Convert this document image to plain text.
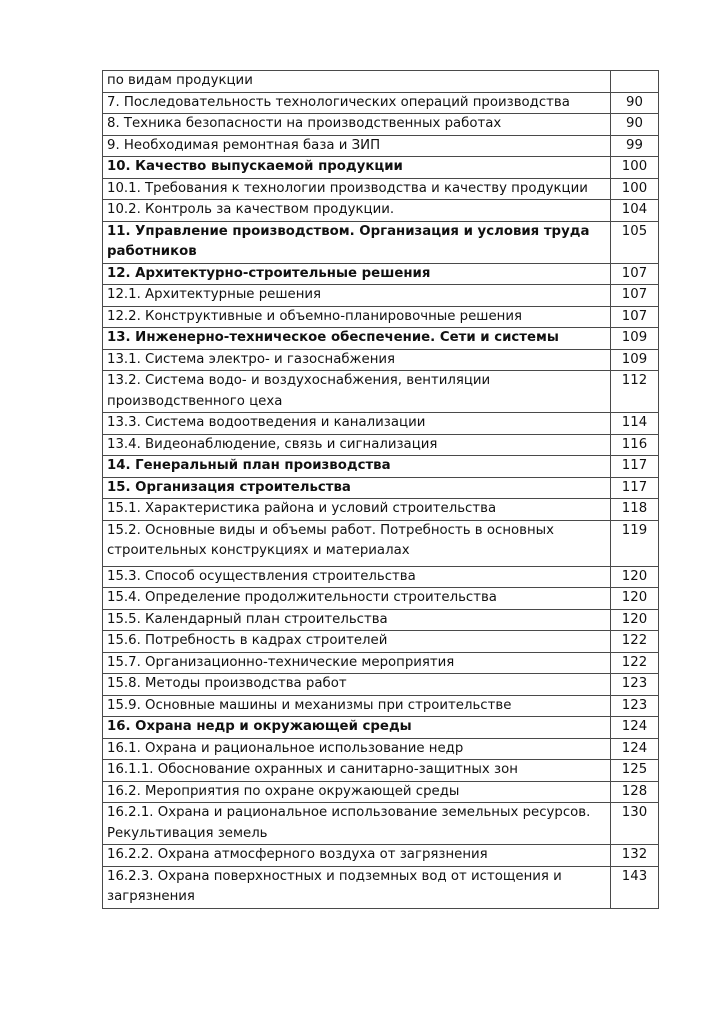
по видам продукции	
7. Последовательность технологических операций производства	90
8. Техника безопасности на производственных работах	90
9. Необходимая ремонтная база и ЗИП	99
10. Качество выпускаемой продукции	100
10.1. Требования к технологии производства и качеству продукции	100
10.2. Контроль за качеством продукции.	104
11. Управление производством. Организация и условия труда работников	105
12. Архитектурно-строительные решения	107
12.1. Архитектурные решения	107
12.2. Конструктивные и объемно-планировочные решения	107
13. Инженерно-техническое обеспечение. Сети и системы	109
13.1. Система электро- и газоснабжения	109
13.2. Система водо- и воздухоснабжения, вентиляции производственного цеха	112
13.3. Система водоотведения и канализации	114
13.4. Видеонаблюдение, связь и сигнализация	116
14. Генеральный план производства	117
15. Организация строительства	117
15.1. Характеристика района и условий строительства	118
15.2. Основные виды и объемы работ. Потребность в основных строительных конструкциях и материалах	119
15.3. Способ осуществления строительства	120
15.4. Определение продолжительности строительства	120
15.5. Календарный план строительства	120
15.6. Потребность в кадрах строителей	122
15.7. Организационно-технические мероприятия	122
15.8. Методы производства работ	123
15.9. Основные машины и механизмы при строительстве	123
16. Охрана недр и окружающей среды	124
16.1. Охрана и рациональное использование недр	124
16.1.1. Обоснование охранных и санитарно-защитных зон	125
16.2. Мероприятия по охране окружающей среды	128
16.2.1. Охрана и рациональное использование земельных ресурсов. Рекультивация земель	130
16.2.2. Охрана атмосферного воздуха от загрязнения	132
16.2.3. Охрана поверхностных и подземных вод от истощения и загрязнения	143
